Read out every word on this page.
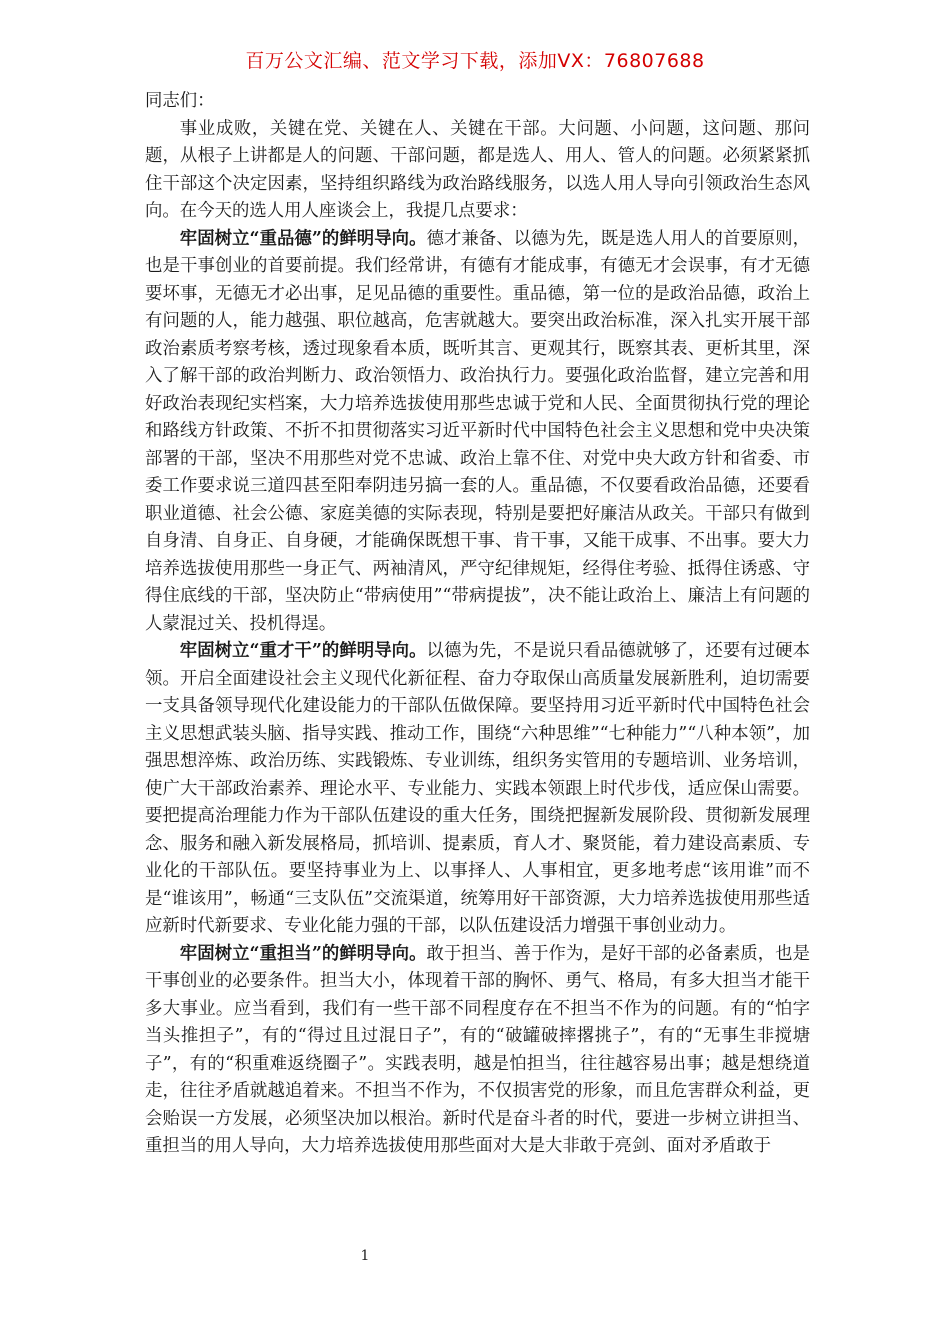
百万公文汇编、范文学习下载，添加VX：76807688

同志们：

事业成败，关键在党、关键在人、关键在干部。大问题、小问题，这问题、那问题，从根子上讲都是人的问题、干部问题，都是选人、用人、管人的问题。必须紧紧抓住干部这个决定因素，坚持组织路线为政治路线服务，以选人用人导向引领政治生态风向。在今天的选人用人座谈会上，我提几点要求：

牢固树立“重品德”的鲜明导向。德才兼备、以德为先，既是选人用人的首要原则，也是干事创业的首要前提。我们经常讲，有德有才能成事，有德无才会误事，有才无德要坏事，无德无才必出事，足见品德的重要性。重品德，第一位的是政治品德，政治上有问题的人，能力越强、职位越高，危害就越大。要突出政治标准，深入扎实开展干部政治素质考察考核，透过现象看本质，既听其言、更观其行，既察其表、更析其里，深入了解干部的政治判断力、政治领悟力、政治执行力。要强化政治监督，建立完善和用好政治表现纪实档案，大力培养选拔使用那些忠诚于党和人民、全面贯彻执行党的理论和路线方针政策、不折不扣贯彻落实习近平新时代中国特色社会主义思想和党中央决策部署的干部，坚决不用那些对党不忠诚、政治上靠不住、对党中央大政方针和省委、市委工作要求说三道四甚至阳奉阴违另搞一套的人。重品德，不仅要看政治品德，还要看职业道德、社会公德、家庭美德的实际表现，特别是要把好廉洁从政关。干部只有做到自身清、自身正、自身硬，才能确保既想干事、肯干事，又能干成事、不出事。要大力培养选拔使用那些一身正气、两袖清风，严守纪律规矩，经得住考验、抵得住诱惑、守得住底线的干部，坚决防止“带病使用”“带病提拔”，决不能让政治上、廉洁上有问题的人蒙混过关、投机得逞。

牢固树立“重才干”的鲜明导向。以德为先，不是说只看品德就够了，还要有过硬本领。开启全面建设社会主义现代化新征程、奋力夺取保山高质量发展新胜利，迫切需要一支具备领导现代化建设能力的干部队伍做保障。要坚持用习近平新时代中国特色社会主义思想武装头脑、指导实践、推动工作，围绕“六种思维”“七种能力”“八种本领”，加强思想淬炼、政治历练、实践锻炼、专业训练，组织务实管用的专题培训、业务培训，使广大干部政治素养、理论水平、专业能力、实践本领跟上时代步伐，适应保山需要。要把提高治理能力作为干部队伍建设的重大任务，围绕把握新发展阶段、贯彻新发展理念、服务和融入新发展格局，抓培训、提素质，育人才、聚贤能，着力建设高素质、专业化的干部队伍。要坚持事业为上、以事择人、人事相宜，更多地考虑“该用谁”而不是“谁该用”，畅通“三支队伍”交流渠道，统筹用好干部资源，大力培养选拔使用那些适应新时代新要求、专业化能力强的干部，以队伍建设活力增强干事创业动力。

牢固树立“重担当”的鲜明导向。敢于担当、善于作为，是好干部的必备素质，也是干事创业的必要条件。担当大小，体现着干部的胸怀、勇气、格局，有多大担当才能干多大事业。应当看到，我们有一些干部不同程度存在不担当不作为的问题。有的“怕字当头推担子”，有的“得过且过混日子”，有的“破罐破摔撂挑子”，有的“无事生非搅塘子”，有的“积重难返绕圈子”。实践表明，越是怕担当，往往越容易出事；越是想绕道走，往往矛盾就越追着来。不担当不作为，不仅损害党的形象，而且危害群众利益，更会贻误一方发展，必须坚决加以根治。新时代是奋斗者的时代，要进一步树立讲担当、重担当的用人导向，大力培养选拔使用那些面对大是大非敢于亮剑、面对矛盾敢于

1
